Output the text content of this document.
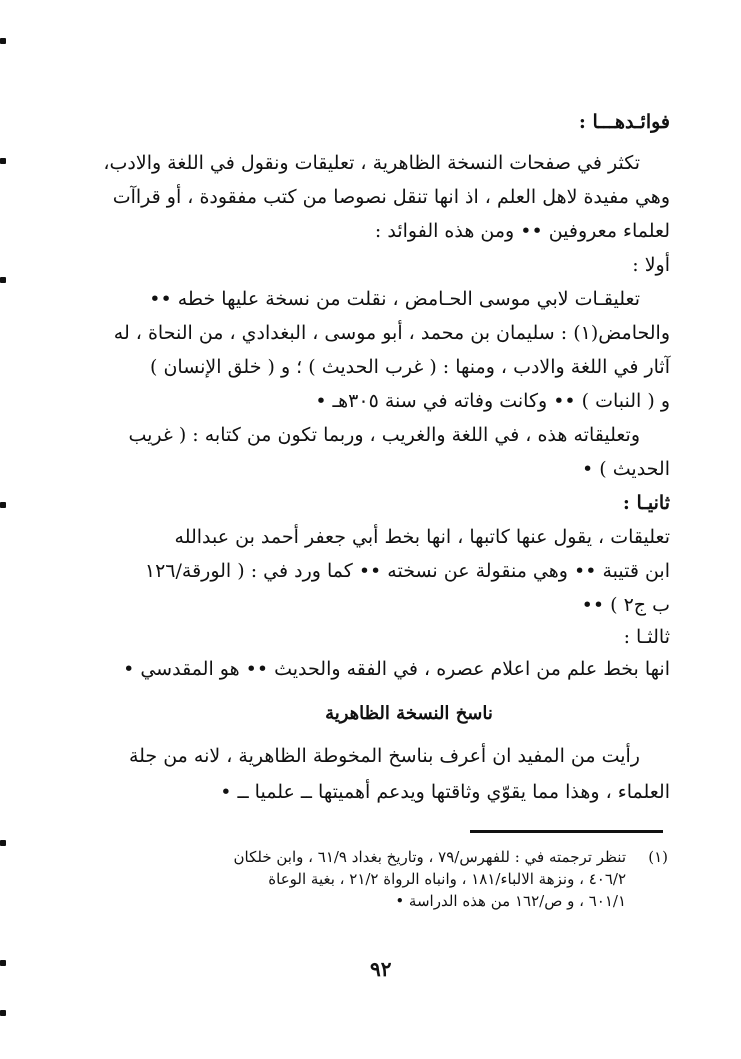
فوائـدهـــا :
تكثر في صفحات النسخة الظاهرية ، تعليقات ونقول في اللغة والادب،
وهي مفيدة لاهل العلم ، اذ انها تنقل نصوصا من كتب مفقودة ، أو قراآت
لعلماء معروفين •• ومن هذه الفوائد :
أولا :
تعليقـات لابي موسى الحـامض ، نقلت من نسخة عليها خطه ••
والحامض(١) : سليمان بن محمد ، أبو موسى ، البغدادي ، من النحاة ، له
آثار في اللغة والادب ، ومنها : ( غرب الحديث ) ؛ و ( خلق الإنسان )
و ( النبات ) •• وكانت وفاته في سنة ٣٠٥هـ •
وتعليقاته هذه ، في اللغة والغريب ، وربما تكون من كتابه : ( غريب
الحديث ) •
ثانيـا :
تعليقات ، يقول عنها كاتبها ، انها بخط أبي جعفر أحمد بن عبدالله
ابن قتيبة •• وهي منقولة عن نسخته •• كما ورد في : ( الورقة/١٢٦
ب ج٢ ) ••
ثالثـا :
انها بخط علم من اعلام عصره ، في الفقه والحديث •• هو المقدسي •
ناسخ النسخة الظاهرية
رأيت من المفيد ان أعرف بناسخ المخوطة الظاهرية ، لانه من جلة
العلماء ، وهذا مما يقوّي وثاقتها ويدعم أهميتها ــ علميا ــ •
(١)
تنظر ترجمته في : للفهرس/٧٩ ، وتاريخ بغداد ٦١/٩ ، وابن خلكان
٤٠٦/٢ ، ونزهة الالباء/١٨١ ، وانباه الرواة ٢١/٢ ، بغية الوعاة
٦٠١/١ ، و ص/١٦٢ من هذه الدراسة •
٩٢
